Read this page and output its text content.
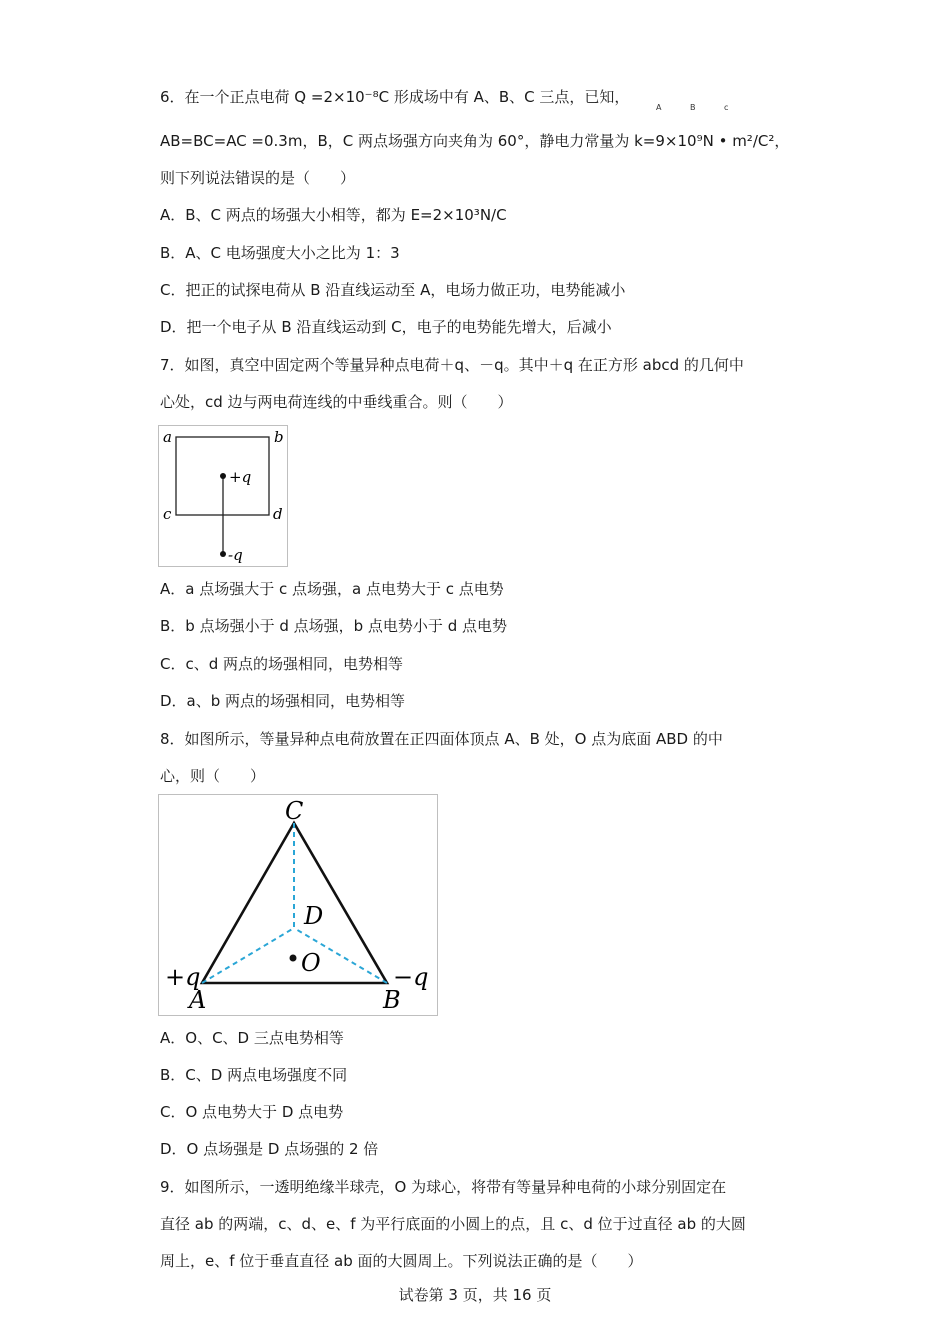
6．在一个正点电荷 Q =2×10⁻⁸C 形成场中有 A、B、C 三点，已知，
A	B	c
AB=BC=AC =0.3m，B，C 两点场强方向夹角为 60°，静电力常量为 k=9×10⁹N • m²/C²，
则下列说法错误的是（　　）
A．B、C 两点的场强大小相等，都为 E=2×10³N/C
B．A、C 电场强度大小之比为 1：3
C．把正的试探电荷从 B 沿直线运动至 A，电场力做正功，电势能减小
D．把一个电子从 B 沿直线运动到 C，电子的电势能先增大，后减小
7．如图，真空中固定两个等量异种点电荷＋q、－q。其中＋q 在正方形 abcd 的几何中
心处，cd 边与两电荷连线的中垂线重合。则（　　）
a	b
c	d
+q
-q
A．a 点场强大于 c 点场强，a 点电势大于 c 点电势
B．b 点场强小于 d 点场强，b 点电势小于 d 点电势
C．c、d 两点的场强相同，电势相等
D．a、b 两点的场强相同，电势相等
8．如图所示，等量异种点电荷放置在正四面体顶点 A、B 处，O 点为底面 ABD 的中
心，则（　　）
C
D
O
A	B
+q	−q
A．O、C、D 三点电势相等
B．C、D 两点电场强度不同
C．O 点电势大于 D 点电势
D．O 点场强是 D 点场强的 2 倍
9．如图所示，一透明绝缘半球壳，O 为球心，将带有等量异种电荷的小球分别固定在
直径 ab 的两端，c、d、e、f 为平行底面的小圆上的点，且 c、d 位于过直径 ab 的大圆
周上，e、f 位于垂直直径 ab 面的大圆周上。下列说法正确的是（　　）
试卷第 3 页，共 16 页
